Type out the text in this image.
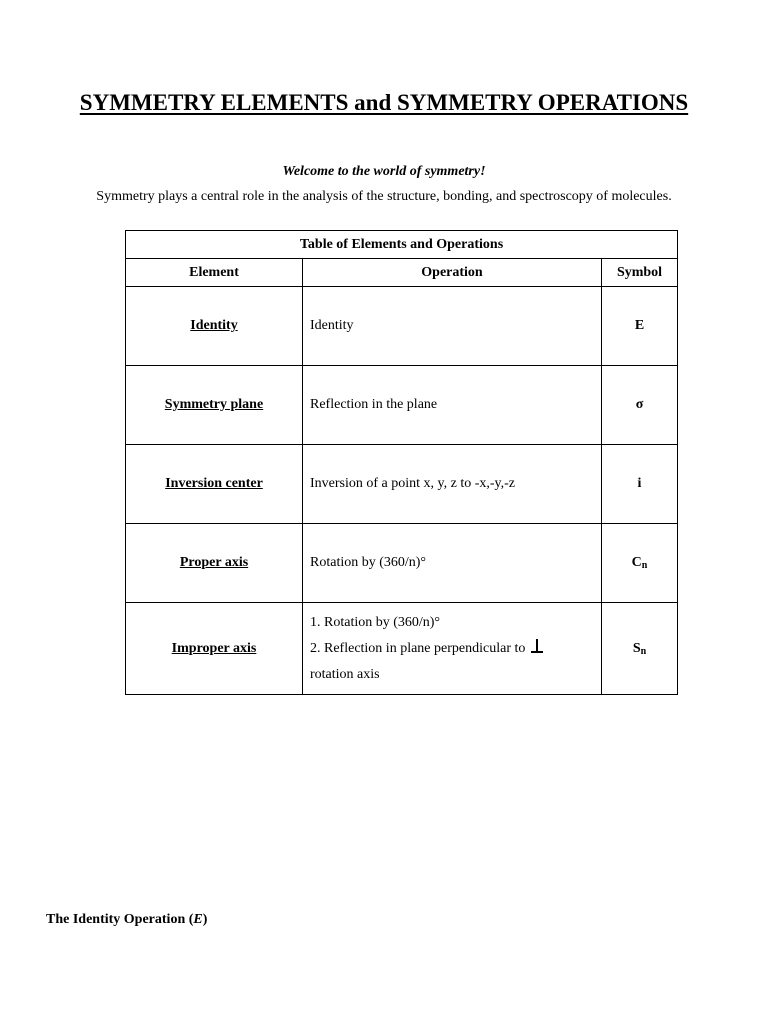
SYMMETRY ELEMENTS and SYMMETRY OPERATIONS
Welcome to the world of symmetry!
Symmetry plays a central role in the analysis of the structure, bonding, and spectroscopy of molecules.
Table of Elements and Operations		
Element	Operation	Symbol
Identity	Identity	E
Symmetry plane	Reflection in the plane	σ
Inversion center	Inversion of a point x, y, z to -x,-y,-z	i
Proper axis	Rotation by (360/n)°	$C_n$
Improper axis	1. Rotation by (360/n)°
2. Reflection in plane perpendicular to
rotation axis	$S_n$
The Identity Operation (E)
